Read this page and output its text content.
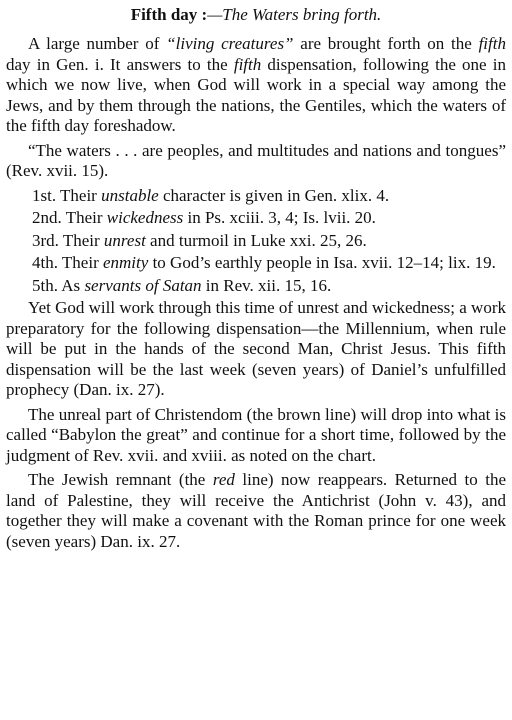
Fifth day :—The Waters bring forth.

A large number of “living creatures” are brought forth on the fifth day in Gen. i. It answers to the fifth dispensation, following the one in which we now live, when God will work in a special way among the Jews, and by them through the nations, the Gentiles, which the waters of the fifth day foreshadow.

“The waters . . . are peoples, and multitudes and nations and tongues” (Rev. xvii. 15).

1st. Their unstable character is given in Gen. xlix. 4.

2nd. Their wickedness in Ps. xciii. 3, 4; Is. lvii. 20.

3rd. Their unrest and turmoil in Luke xxi. 25, 26.

4th. Their enmity to God’s earthly people in Isa. xvii. 12–14; lix. 19.

5th. As servants of Satan in Rev. xii. 15, 16.

Yet God will work through this time of unrest and wickedness; a work preparatory for the following dispensation—the Millennium, when rule will be put in the hands of the second Man, Christ Jesus. This fifth dispensation will be the last week (seven years) of Daniel’s unfulfilled prophecy (Dan. ix. 27).

The unreal part of Christendom (the brown line) will drop into what is called “Babylon the great” and continue for a short time, followed by the judgment of Rev. xvii. and xviii. as noted on the chart.

The Jewish remnant (the red line) now reappears. Returned to the land of Palestine, they will receive the Antichrist (John v. 43), and together they will make a covenant with the Roman prince for one week (seven years) Dan. ix. 27.
